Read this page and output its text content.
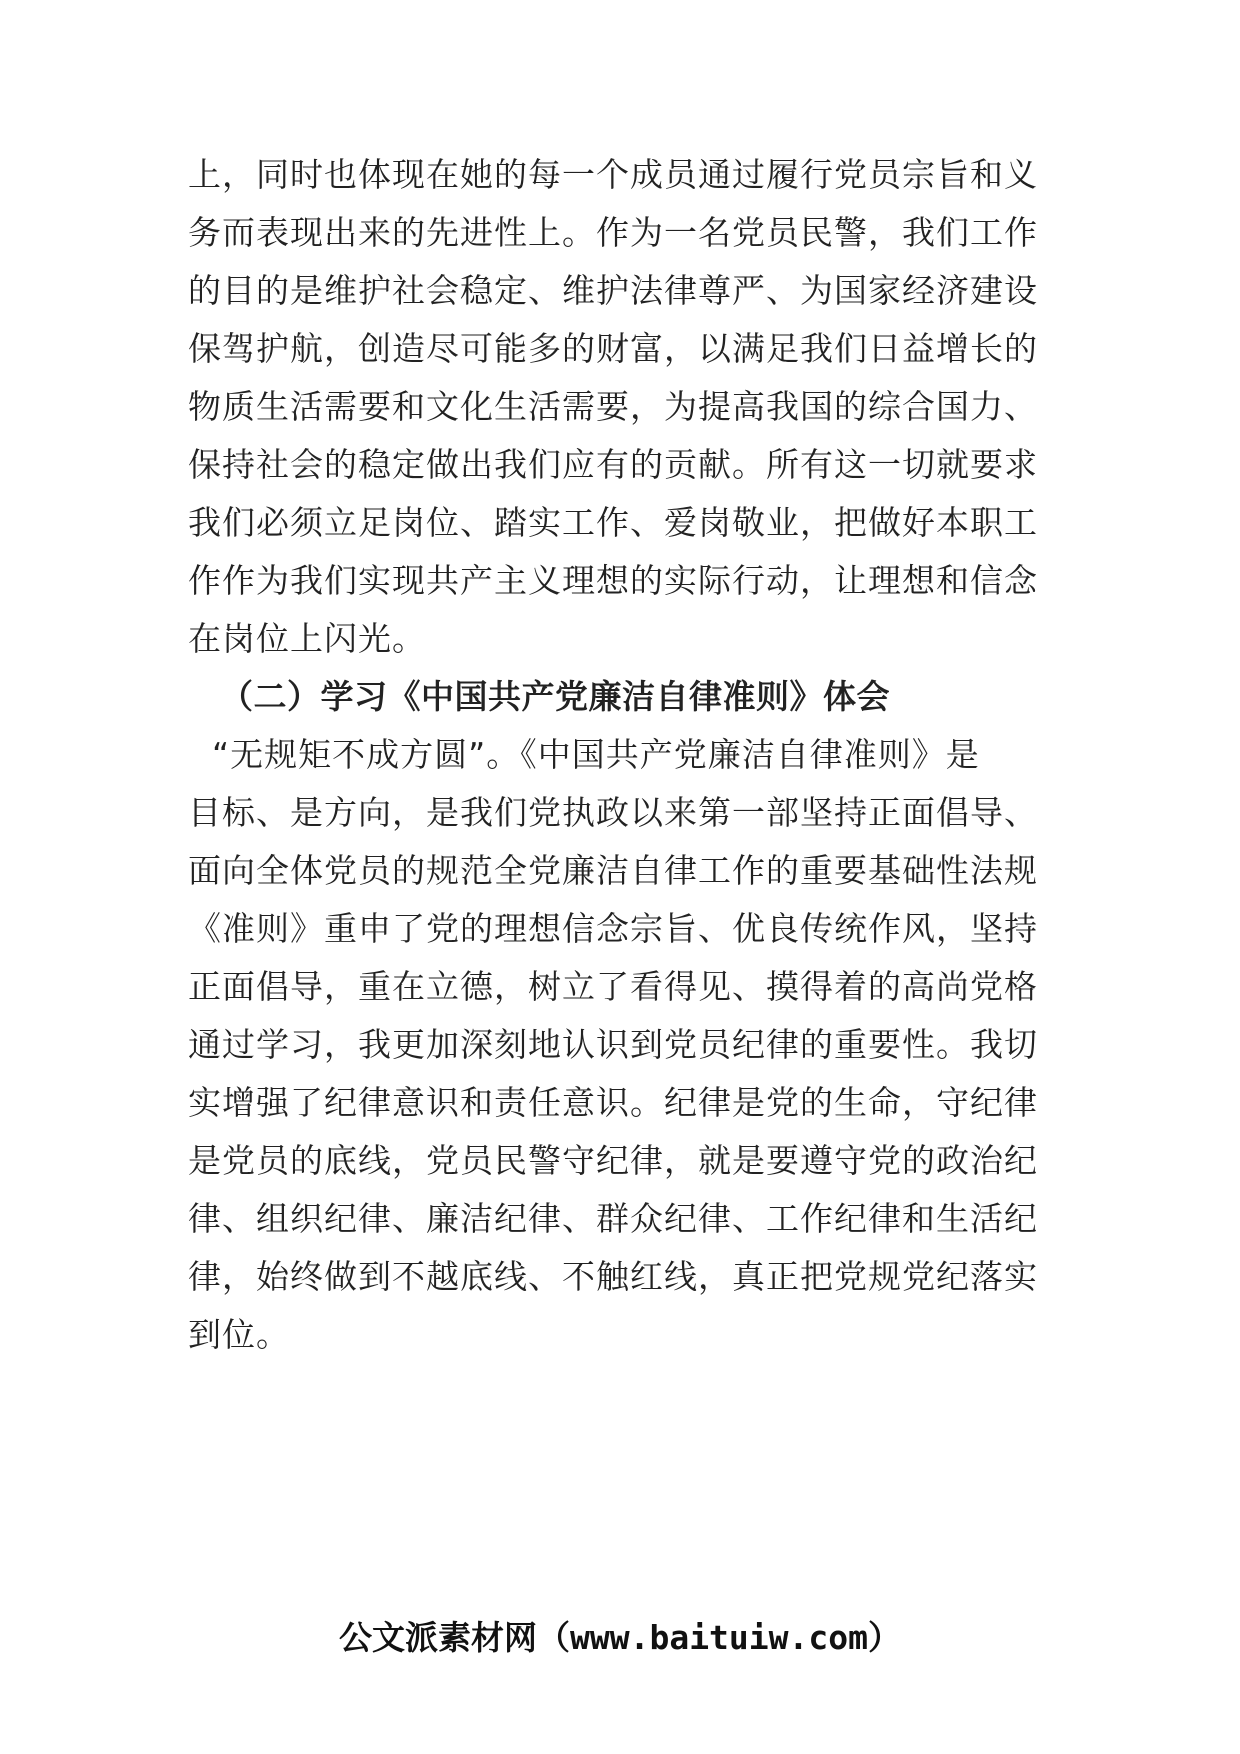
上，同时也体现在她的每一个成员通过履行党员宗旨和义
务而表现出来的先进性上。作为一名党员民警，我们工作
的目的是维护社会稳定、维护法律尊严、为国家经济建设
保驾护航，创造尽可能多的财富，以满足我们日益增长的
物质生活需要和文化生活需要，为提高我国的综合国力、
保持社会的稳定做出我们应有的贡献。所有这一切就要求
我们必须立足岗位、踏实工作、爱岗敬业，把做好本职工
作作为我们实现共产主义理想的实际行动，让理想和信念
在岗位上闪光。
（二）学习《中国共产党廉洁自律准则》体会
“无规矩不成方圆”。《中国共产党廉洁自律准则》是
目标、是方向，是我们党执政以来第一部坚持正面倡导、
面向全体党员的规范全党廉洁自律工作的重要基础性法规
《准则》重申了党的理想信念宗旨、优良传统作风，坚持
正面倡导，重在立德，树立了看得见、摸得着的高尚党格
通过学习，我更加深刻地认识到党员纪律的重要性。我切
实增强了纪律意识和责任意识。纪律是党的生命，守纪律
是党员的底线，党员民警守纪律，就是要遵守党的政治纪
律、组织纪律、廉洁纪律、群众纪律、工作纪律和生活纪
律，始终做到不越底线、不触红线，真正把党规党纪落实
到位。
公文派素材网（www.baituiw.com）
